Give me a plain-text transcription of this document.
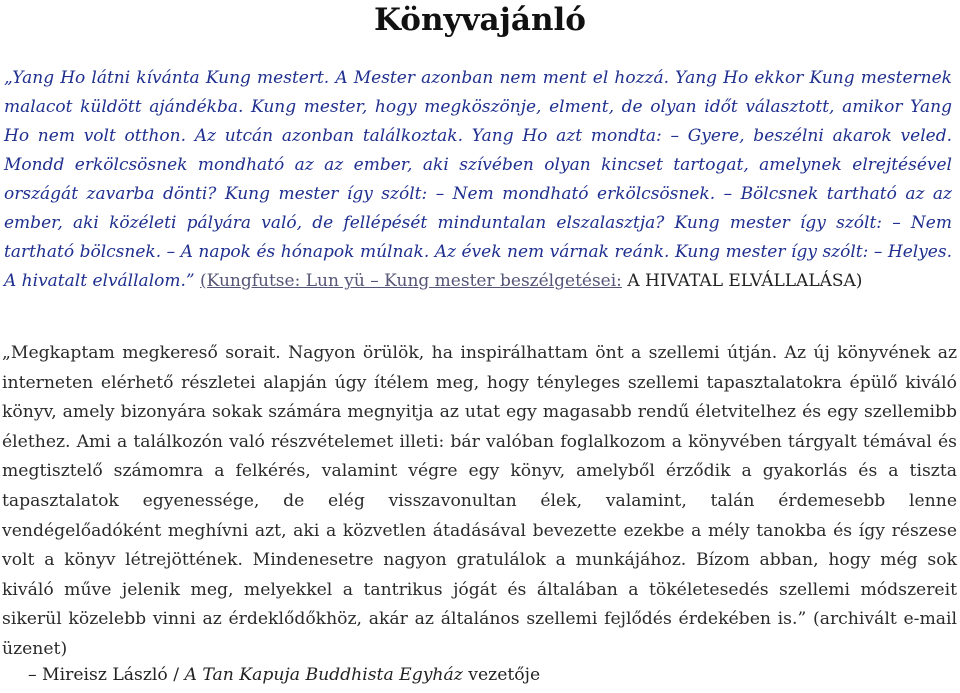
Könyvajánló
„Yang Ho látni kívánta Kung mestert. A Mester azonban nem ment el hozzá. Yang Ho ekkor Kung mesternek malacot küldött ajándékba. Kung mester, hogy megköszönje, elment, de olyan időt választott, amikor Yang Ho nem volt otthon. Az utcán azonban találkoztak. Yang Ho azt mondta: – Gyere, beszélni akarok veled. Mondd erkölcsösnek mondható az az ember, aki szívében olyan kincset tartogat, amelynek elrejtésével országát zavarba dönti? Kung mester így szólt: – Nem mondható erkölcsösnek. – Bölcsnek tartható az az ember, aki közéleti pályára való, de fellépését minduntalan elszalasztja? Kung mester így szólt: – Nem tartható bölcsnek. – A napok és hónapok múlnak. Az évek nem várnak reánk. Kung mester így szólt: – Helyes. A hivatalt elvállalom.” (Kungfutse: Lun yü – Kung mester beszélgetései: A HIVATAL ELVÁLLALÁSA)
„Megkaptam megkereső sorait. Nagyon örülök, ha inspirálhattam önt a szellemi útján. Az új könyvének az interneten elérhető részletei alapján úgy ítélem meg, hogy tényleges szellemi tapasztalatokra épülő kiváló könyv, amely bizonyára sokak számára megnyitja az utat egy magasabb rendű életvitelhez és egy szellemibb élethez. Ami a találkozón való részvételemet illeti: bár valóban foglalkozom a könyvében tárgyalt témával és megtisztelő számomra a felkérés, valamint végre egy könyv, amelyből érződik a gyakorlás és a tiszta tapasztalatok egyenessége, de elég visszavonultan élek, valamint, talán érdemesebb lenne vendégelőadóként meghívni azt, aki a közvetlen átadásával bevezette ezekbe a mély tanokba és így részese volt a könyv létrejöttének. Mindenesetre nagyon gratulálok a munkájához. Bízom abban, hogy még sok kiváló műve jelenik meg, melyekkel a tantrikus jógát és általában a tökéletesedés szellemi módszereit sikerül közelebb vinni az érdeklődőkhöz, akár az általános szellemi fejlődés érdekében is.” (archivált e-mail üzenet)
– Mireisz László / A Tan Kapuja Buddhista Egyház vezetője
